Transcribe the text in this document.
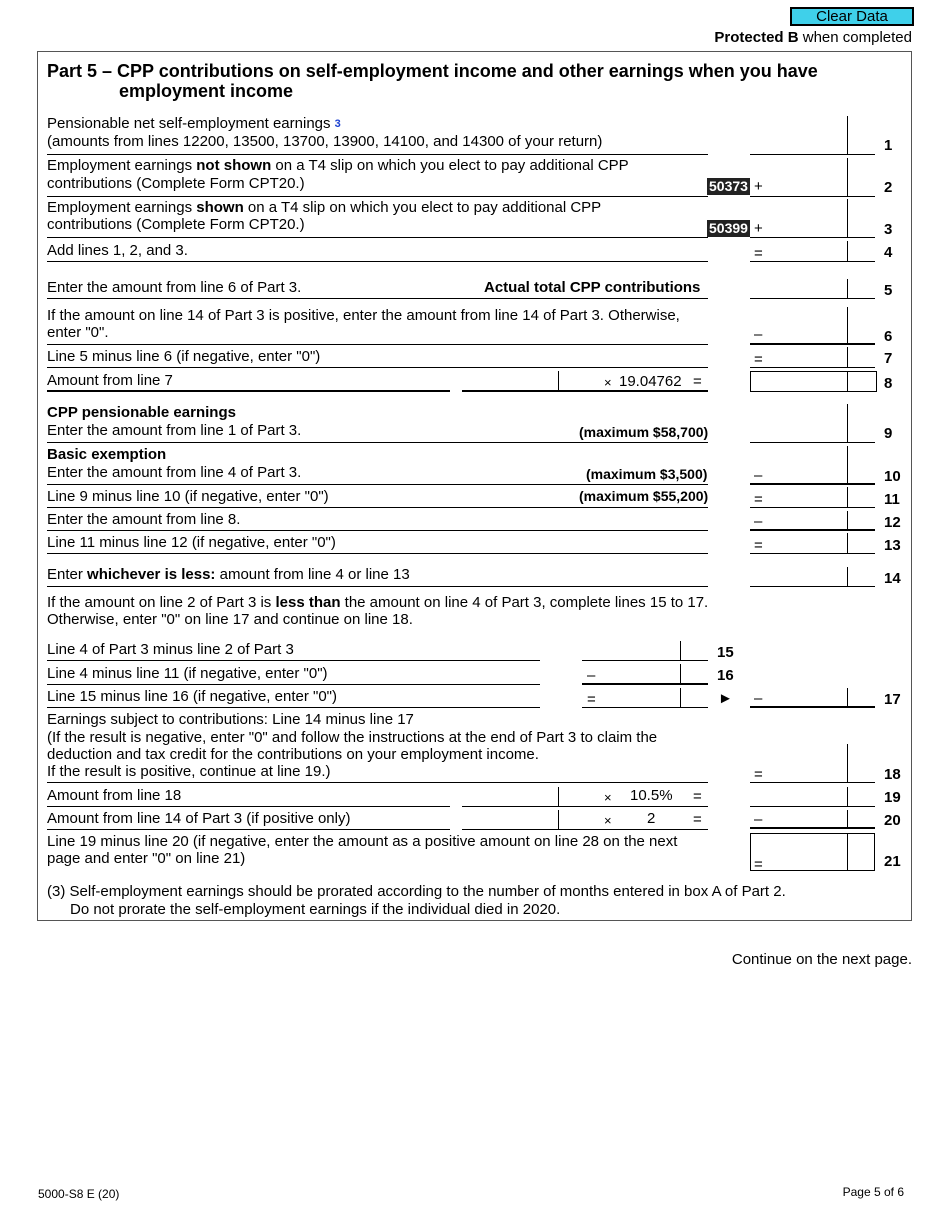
Clear Data
Protected B when completed
Part 5 – CPP contributions on self-employment income and other earnings when you have
employment income
Pensionable net self-employment earnings $^3$
(amounts from lines 12200, 13500, 13700, 13900, 14100, and 14300 of your return)	1
Employment earnings not shown on a T4 slip on which you elect to pay additional CPP
contributions (Complete Form CPT20.)	50373 +	2
Employment earnings shown on a T4 slip on which you elect to pay additional CPP
contributions (Complete Form CPT20.)	50399 +	3
Add lines 1, 2, and 3.	=	4
Enter the amount from line 6 of Part 3.	Actual total CPP contributions	5
If the amount on line 14 of Part 3 is positive, enter the amount from line 14 of Part 3. Otherwise,
enter "0".	–	6
Line 5 minus line 6 (if negative, enter "0")	=	7
Amount from line 7	× 19.04762 =	8
CPP pensionable earnings
Enter the amount from line 1 of Part 3.	(maximum $58,700)	9
Basic exemption
Enter the amount from line 4 of Part 3.	(maximum $3,500)	–	10
Line 9 minus line 10 (if negative, enter "0")	(maximum $55,200)	=	11
Enter the amount from line 8.	–	12
Line 11 minus line 12 (if negative, enter "0")	=	13
Enter whichever is less: amount from line 4 or line 13	14
If the amount on line 2 of Part 3 is less than the amount on line 4 of Part 3, complete lines 15 to 17.
Otherwise, enter "0" on line 17 and continue on line 18.
Line 4 of Part 3 minus line 2 of Part 3	15
Line 4 minus line 11 (if negative, enter "0")	–	16
Line 15 minus line 16 (if negative, enter "0")	=	► –	17
Earnings subject to contributions: Line 14 minus line 17
(If the result is negative, enter "0" and follow the instructions at the end of Part 3 to claim the
deduction and tax credit for the contributions on your employment income.
If the result is positive, continue at line 19.)	=	18
Amount from line 18	× 10.5% =	19
Amount from line 14 of Part 3 (if positive only)	× 2	=	–	20
Line 19 minus line 20 (if negative, enter the amount as a positive amount on line 28 on the next
page and enter "0" on line 21)	=	21
(3) Self-employment earnings should be prorated according to the number of months entered in box A of Part 2.
Do not prorate the self-employment earnings if the individual died in 2020.
Continue on the next page.
5000-S8 E (20)	Page 5 of 6
